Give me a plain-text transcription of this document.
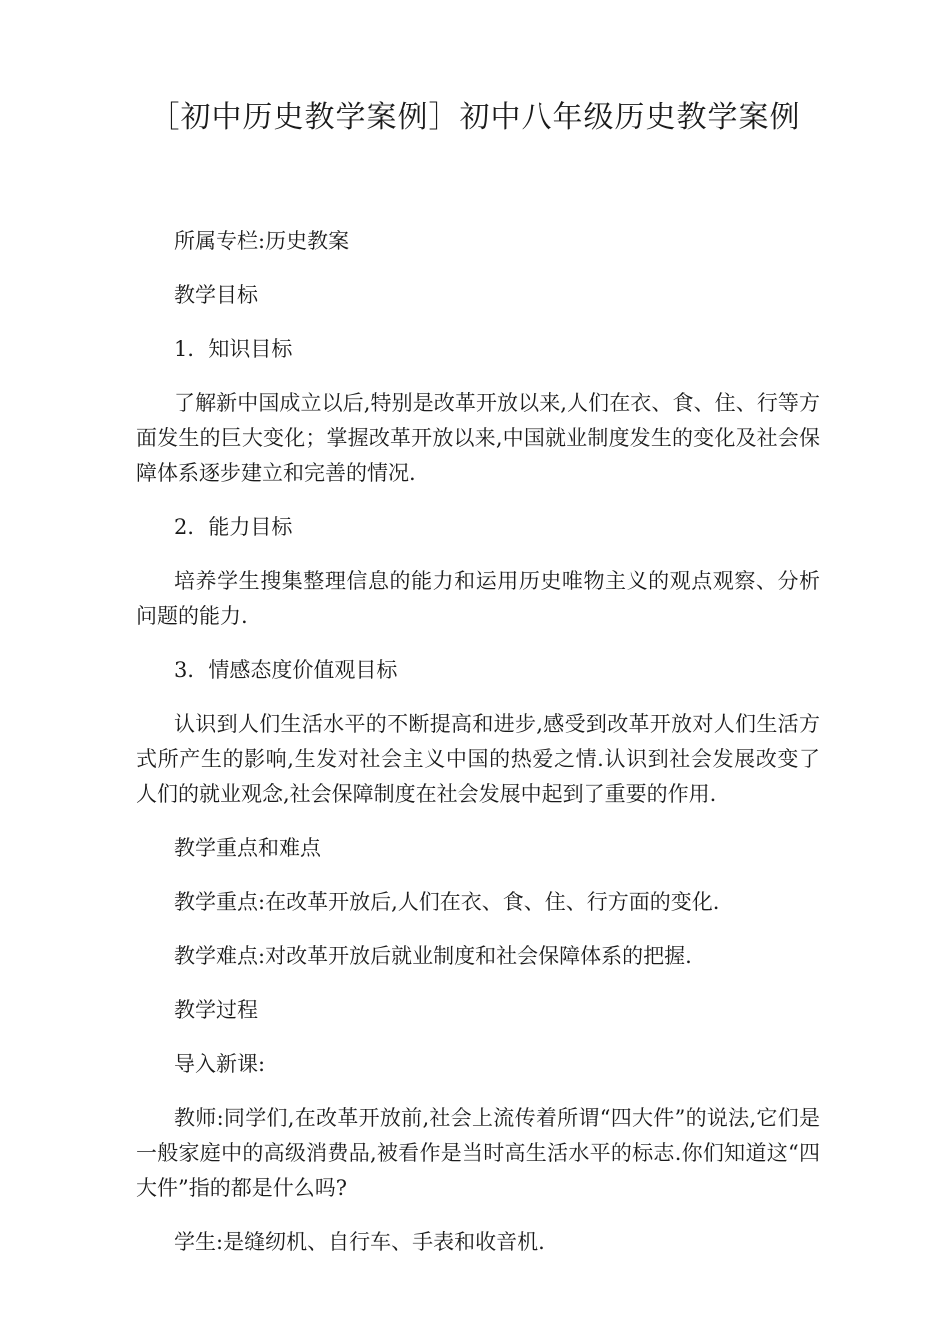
［初中历史教学案例］初中八年级历史教学案例

所属专栏:历史教案

教学目标

1．知识目标

了解新中国成立以后,特别是改革开放以来,人们在衣、食、住、行等方面发生的巨大变化；掌握改革开放以来,中国就业制度发生的变化及社会保障体系逐步建立和完善的情况.

2．能力目标

培养学生搜集整理信息的能力和运用历史唯物主义的观点观察、分析问题的能力.

3．情感态度价值观目标

认识到人们生活水平的不断提高和进步,感受到改革开放对人们生活方式所产生的影响,生发对社会主义中国的热爱之情.认识到社会发展改变了人们的就业观念,社会保障制度在社会发展中起到了重要的作用.

教学重点和难点

教学重点:在改革开放后,人们在衣、食、住、行方面的变化.

教学难点:对改革开放后就业制度和社会保障体系的把握.

教学过程

导入新课:

教师:同学们,在改革开放前,社会上流传着所谓“四大件”的说法,它们是一般家庭中的高级消费品,被看作是当时高生活水平的标志.你们知道这“四大件”指的都是什么吗?

学生:是缝纫机、自行车、手表和收音机.
